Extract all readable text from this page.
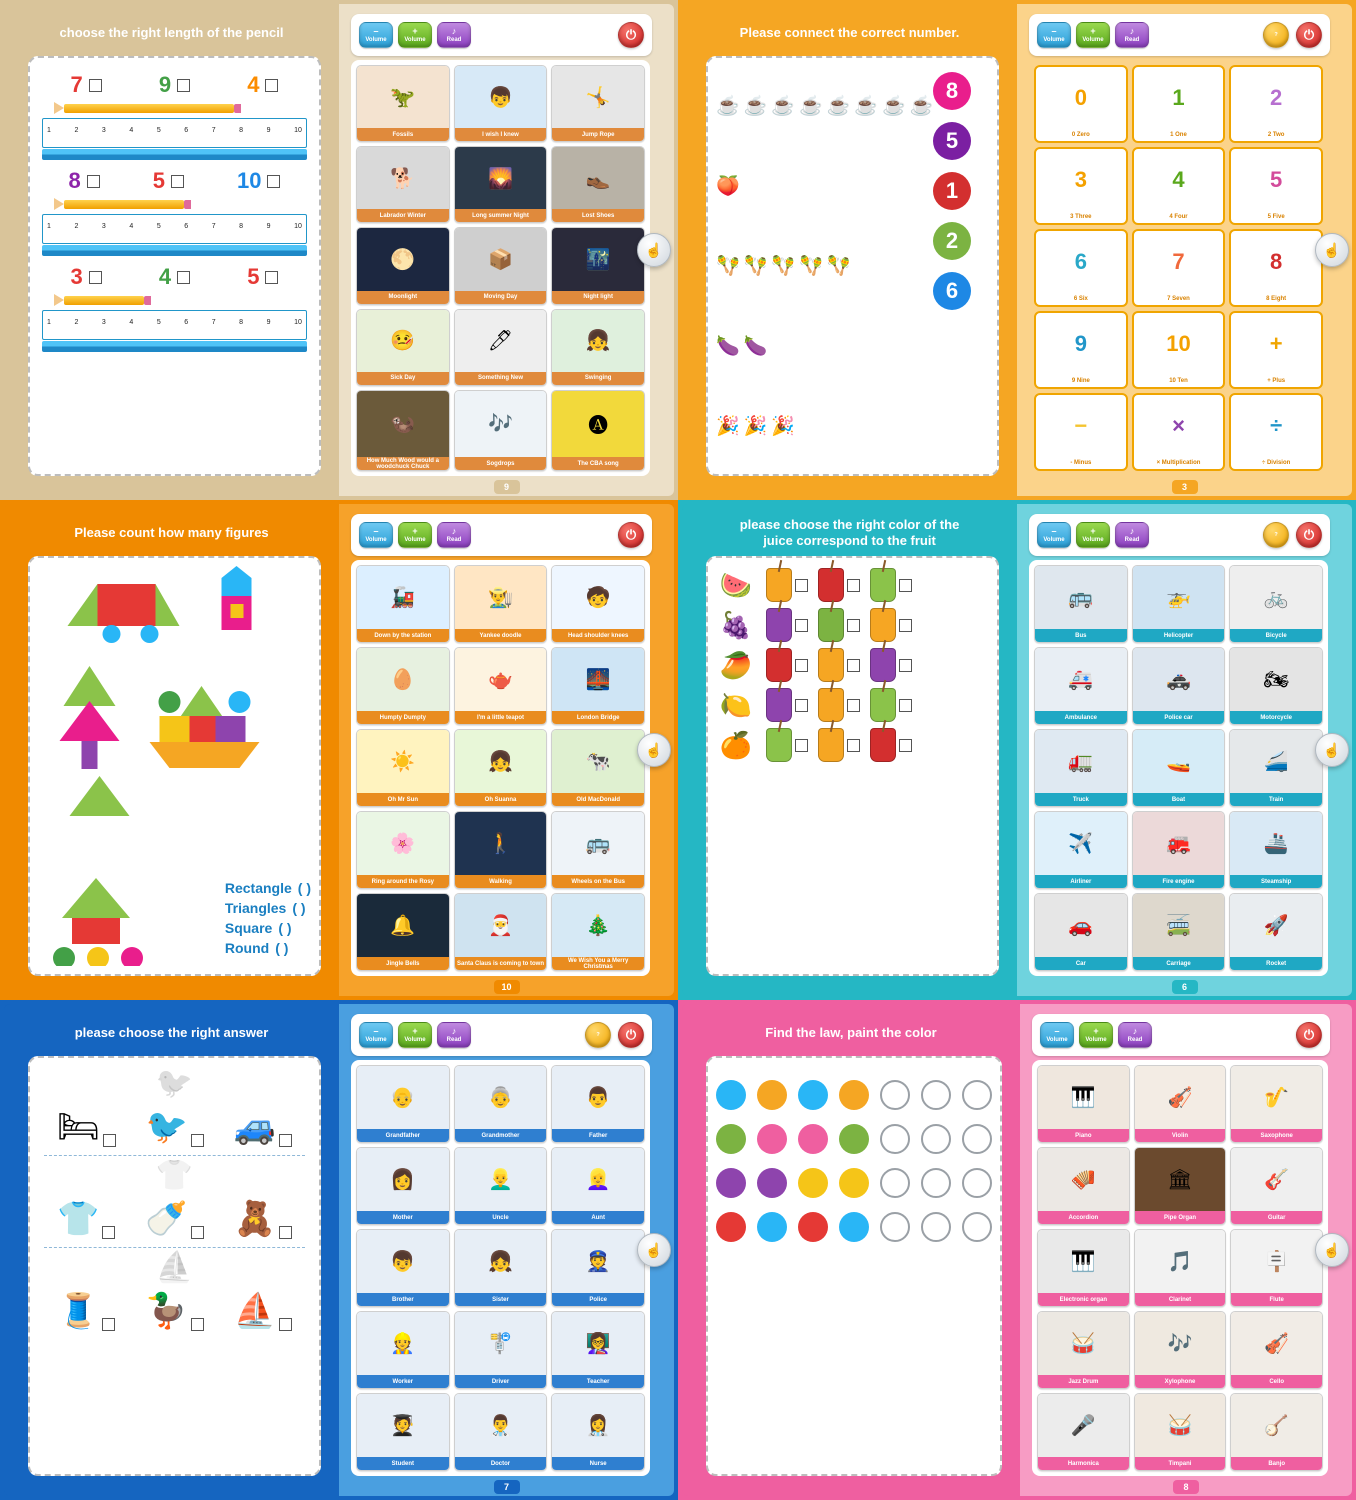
choose the right length of the pencil
7	9	4
1	2	3	4	5	6	7	8	9	10
8	5	10
1	2	3	4	5	6	7	8	9	10
3	4	5
1	2	3	4	5	6	7	8	9	10
–
Volume
+
Volume
♪
Read	⏻
🦖
Fossils
👦
I wish I knew
🤸
Jump Rope
🐕
Labrador Winter
🌄
Long summer Night
👞
Lost Shoes
🌕
Moonlight
📦
Moving Day
🌃
Night light
🤒
Sick Day
🖊
Something New
👧
Swinging
🦦
How Much Wood would a woodchuck Chuck
🎶
Sogdrops
🅐
The CBA song
9
☝
Please connect the correct number.
☕ ☕ ☕ ☕ ☕ ☕ ☕ ☕
🍑
🪇 🪇 🪇 🪇 🪇
🍆 🍆
🎉 🎉 🎉
8
5
1
2
6
–
Volume
+
Volume
♪
Read
?	⏻
0
0 Zero
1
1 One
2
2 Two
3
3 Three
4
4 Four
5
5 Five
6
6 Six
7
7 Seven
8
8 Eight
9
9 Nine
10
10 Ten
+
+ Plus
−
- Minus
×
× Multiplication
÷
÷ Division
3
☝
Please count how many figures
Rectangle ( )
Triangles ( )
Square ( )
Round ( )
–
Volume
+
Volume
♪
Read	⏻
🚂
Down by the station
👨‍🌾
Yankee doodle
🧒
Head shoulder knees
🥚
Humpty Dumpty
🫖
I'm a little teapot
🌉
London Bridge
☀️
Oh Mr Sun
👧
Oh Suanna
🐄
Old MacDonald
🌸
Ring around the Rosy
🚶
Walking
🚌
Wheels on the Bus
🔔
Jingle Bells
🎅
Santa Claus is coming to town
🎄
We Wish You a Merry Christmas
10
☝
please choose the right color of the juice correspond to the fruit
🍉
🍇
🥭
🍋
🍊
–
Volume
+
Volume
♪
Read
?	⏻
🚌
Bus
🚁
Helicopter
🚲
Bicycle
🚑
Ambulance
🚓
Police car
🏍
Motorcycle
🚛
Truck
🚤
Boat
🚄
Train
✈️
Airliner
🚒
Fire engine
🚢
Steamship
🚗
Car
🚎
Carriage
🚀
Rocket
6
☝
please choose the right answer
🐦
🛏 🐦 🚙
👕
👕 🍼 🧸
⛵
🧵 🦆 ⛵
–
Volume
+
Volume
♪
Read
?	⏻
👴
Grandfather
👵
Grandmother
👨
Father
👩
Mother
👱‍♂️
Uncle
👱‍♀️
Aunt
👦
Brother
👧
Sister
👮
Police
👷
Worker
🚏
Driver
👩‍🏫
Teacher
🧑‍🎓
Student
👨‍⚕️
Doctor
👩‍⚕️
Nurse
7
☝
Find the law, paint the color	–
Volume
+
Volume
♪
Read	⏻
🎹
Piano
🎻
Violin
🎷
Saxophone
🪗
Accordion
🏛
Pipe Organ
🎸
Guitar
🎹
Electronic organ
🎵
Clarinet
🪧
Flute
🥁
Jazz Drum
🎶
Xylophone
🎻
Cello
🎤
Harmonica
🥁
Timpani
🪕
Banjo
8
☝
